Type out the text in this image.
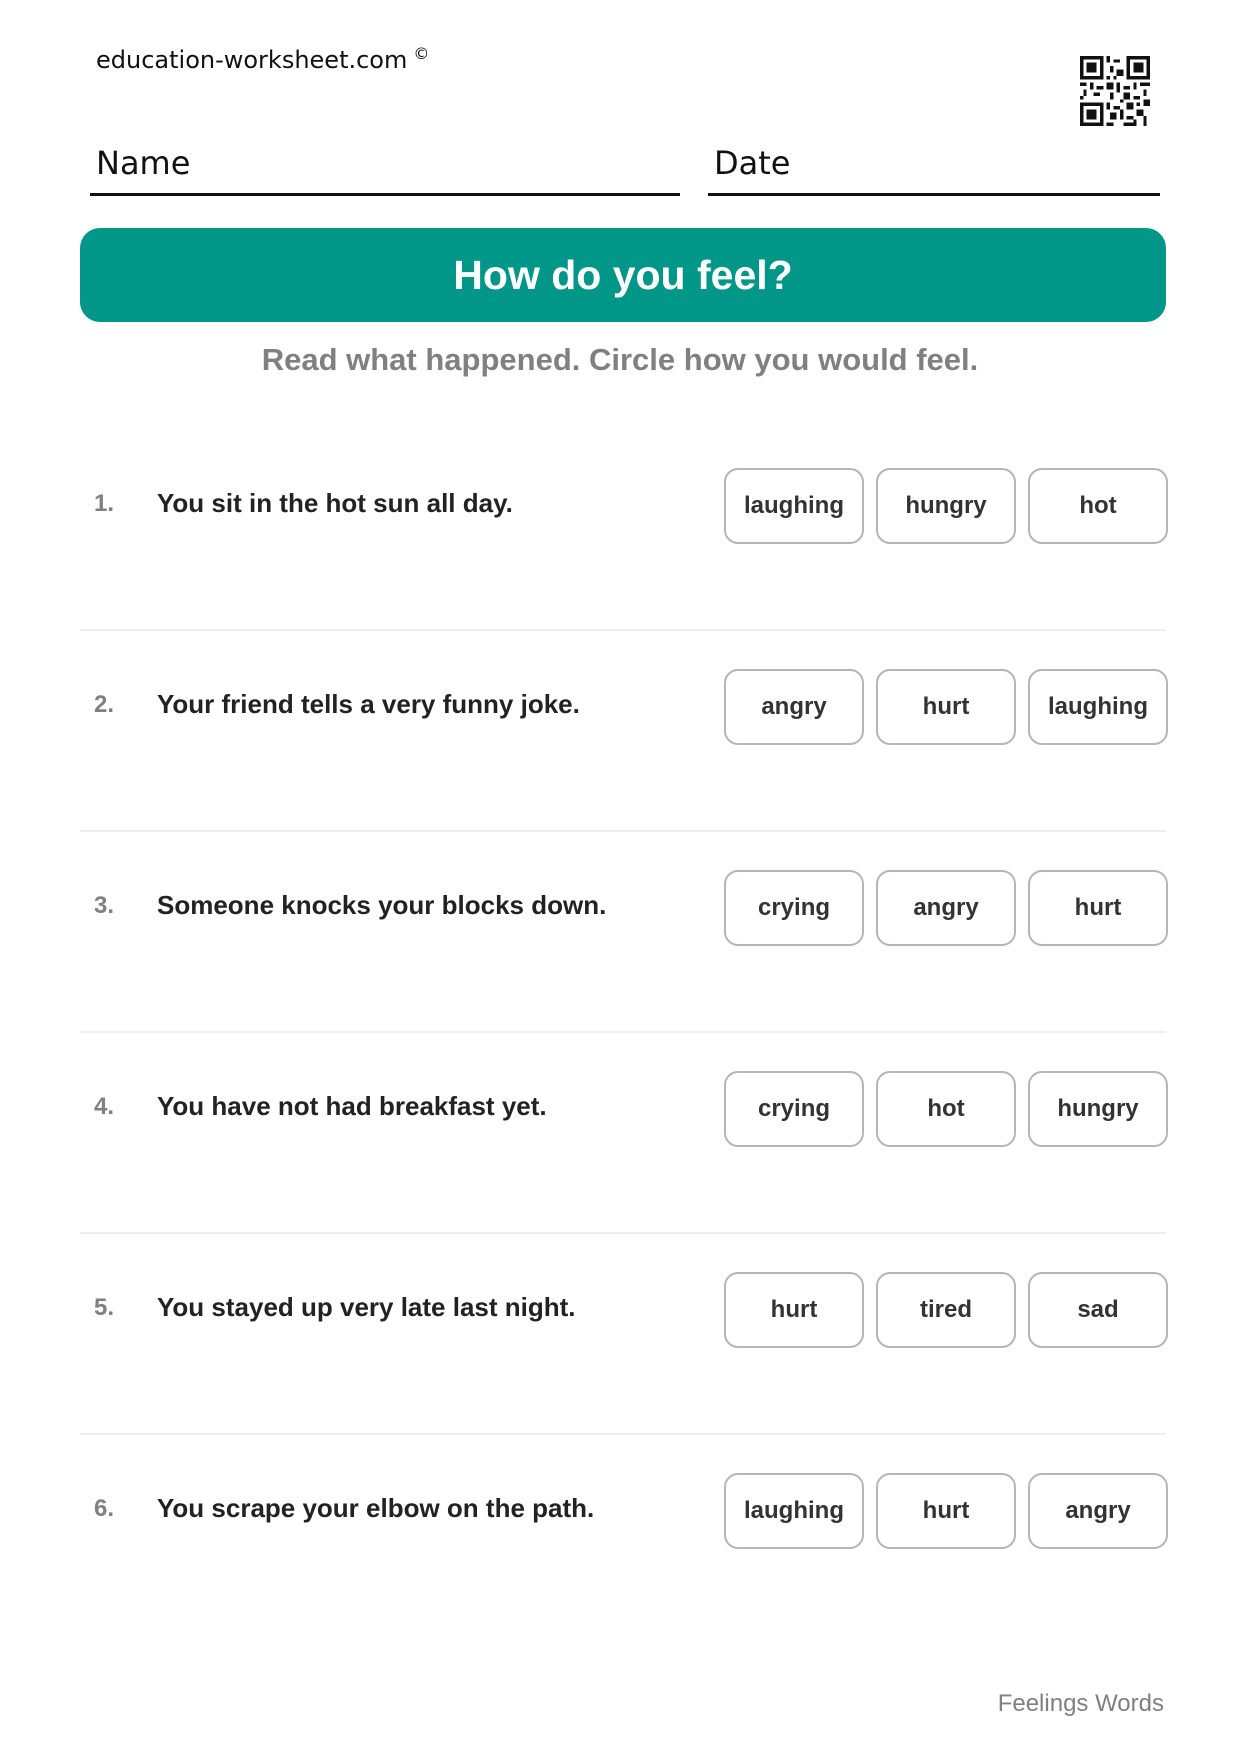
education-worksheet.com ©
Name	Date
How do you feel?
Read what happened. Circle how you would feel.
1. You sit in the hot sun all day.	laughing	hungry	hot
2. Your friend tells a very funny joke.	angry	hurt	laughing
3. Someone knocks your blocks down.	crying	angry	hurt
4. You have not had breakfast yet.	crying	hot	hungry
5. You stayed up very late last night.	hurt	tired	sad
6. You scrape your elbow on the path.	laughing	hurt	angry
Feelings Words
